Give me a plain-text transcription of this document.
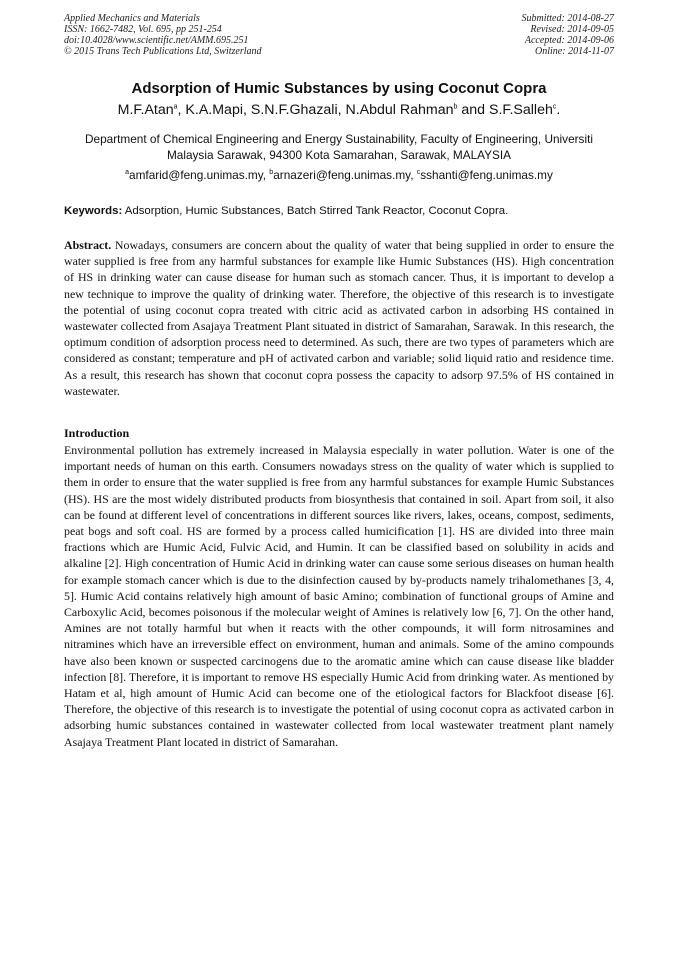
Applied Mechanics and Materials
ISSN: 1662-7482, Vol. 695, pp 251-254
doi:10.4028/www.scientific.net/AMM.695.251
© 2015 Trans Tech Publications Ltd, Switzerland
Submitted: 2014-08-27
Revised: 2014-09-05
Accepted: 2014-09-06
Online: 2014-11-07
Adsorption of Humic Substances by using Coconut Copra
M.F.Atan$^a$, K.A.Mapi, S.N.F.Ghazali, N.Abdul Rahman$^b$ and S.F.Salleh$^c$.
Department of Chemical Engineering and Energy Sustainability, Faculty of Engineering, Universiti Malaysia Sarawak, 94300 Kota Samarahan, Sarawak, MALAYSIA
$^a$amfarid@feng.unimas.my, $^b$arnazeri@feng.unimas.my, $^c$sshanti@feng.unimas.my
Keywords: Adsorption, Humic Substances, Batch Stirred Tank Reactor, Coconut Copra.
Abstract. Nowadays, consumers are concern about the quality of water that being supplied in order to ensure the water supplied is free from any harmful substances for example like Humic Substances (HS). High concentration of HS in drinking water can cause disease for human such as stomach cancer. Thus, it is important to develop a new technique to improve the quality of drinking water. Therefore, the objective of this research is to investigate the potential of using coconut copra treated with citric acid as activated carbon in adsorbing HS contained in wastewater collected from Asajaya Treatment Plant situated in district of Samarahan, Sarawak. In this research, the optimum condition of adsorption process need to determined. As such, there are two types of parameters which are considered as constant; temperature and pH of activated carbon and variable; solid liquid ratio and residence time. As a result, this research has shown that coconut copra possess the capacity to adsorp 97.5% of HS contained in wastewater.
Introduction
Environmental pollution has extremely increased in Malaysia especially in water pollution. Water is one of the important needs of human on this earth. Consumers nowadays stress on the quality of water which is supplied to them in order to ensure that the water supplied is free from any harmful substances for example Humic Substances (HS). HS are the most widely distributed products from biosynthesis that contained in soil. Apart from soil, it also can be found at different level of concentrations in different sources like rivers, lakes, oceans, compost, sediments, peat bogs and soft coal. HS are formed by a process called humicification [1]. HS are divided into three main fractions which are Humic Acid, Fulvic Acid, and Humin. It can be classified based on solubility in acids and alkaline [2]. High concentration of Humic Acid in drinking water can cause some serious diseases on human health for example stomach cancer which is due to the disinfection caused by by-products namely trihalomethanes [3, 4, 5]. Humic Acid contains relatively high amount of basic Amino; combination of functional groups of Amine and Carboxylic Acid, becomes poisonous if the molecular weight of Amines is relatively low [6, 7]. On the other hand, Amines are not totally harmful but when it reacts with the other compounds, it will form nitrosamines and nitramines which have an irreversible effect on environment, human and animals. Some of the amino compounds have also been known or suspected carcinogens due to the aromatic amine which can cause disease like bladder infection [8]. Therefore, it is important to remove HS especially Humic Acid from drinking water. As mentioned by Hatam et al, high amount of Humic Acid can become one of the etiological factors for Blackfoot disease [6]. Therefore, the objective of this research is to investigate the potential of using coconut copra as activated carbon in adsorbing humic substances contained in wastewater collected from local wastewater treatment plant namely Asajaya Treatment Plant located in district of Samarahan.
